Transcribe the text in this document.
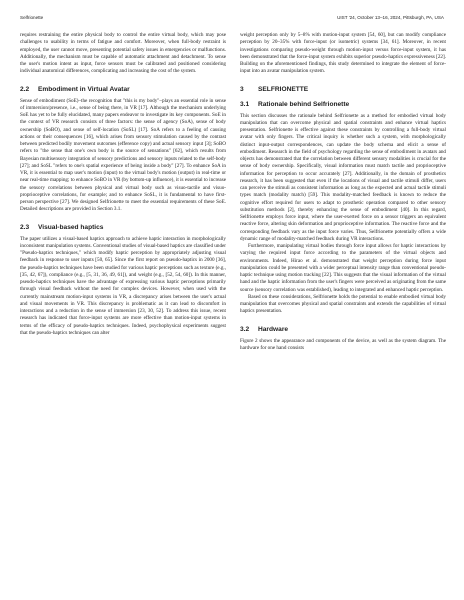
Selfrionette	UIST '24, October 13–16, 2024, Pittsburgh, PA, USA

requires restraining the entire physical body to control the entire virtual body, which may pose challenges to usability in terms of fatigue and comfort. Moreover, when full-body restraint is employed, the user cannot move, presenting potential safety issues in emergencies or malfunctions. Additionally, the mechanism must be capable of automatic attachment and detachment. To sense the user's motion intent as input, force sensors must be calibrated and positioned considering individual anatomical differences, complicating and increasing the cost of the system.

2.2 Embodiment in Virtual Avatar

Sense of embodiment (SoE)–the recognition that "this is my body"–plays an essential role in sense of immersion/presence, i.e., sense of being there, in VR [17]. Although the mechanism underlying SoE has yet to be fully elucidated, many papers endeavor to investigate its key components. SoE in the context of VR research consists of three factors: the sense of agency (SoA), sense of body ownership (SoBO), and sense of self-location (SoSL) [17]. SoA refers to a feeling of causing actions or their consequences [16], which arises from sensory stimulation caused by the contrast between predicted bodily movement outcomes (efference copy) and actual sensory input [3]; SoBO refers to "the sense that one's own body is the source of sensations" [62], which results from Bayesian multisensory integration of sensory predictions and sensory inputs related to the self-body [27]; and SoSL "refers to one's spatial experience of being inside a body" [27]. To enhance SoA in VR, it is essential to map user's motion (input) to the virtual body's motion (output) in real-time or near real-time mapping; to enhance SoBO in VR (by bottom-up influence), it is essential to increase the sensory correlations between physical and virtual body such as visuo-tactile and visuo-proprioceptive correlations, for example; and to enhance SoSL, it is fundamental to have first-person perspective [27]. We designed Selfrionette to meet the essential requirements of these SoE. Detailed descriptions are provided in Section 3.1.

2.3 Visual-based haptics

The paper utilizes a visual-based haptics approach to achieve haptic interaction in morphologically inconsistent manipulation systems. Conventional studies of visual-based haptics are classified under "Pseudo-haptics techniques," which modify haptic perception by appropriately adjusting visual feedback in response to user inputs [50, 65]. Since the first report on pseudo-haptics in 2000 [36], the pseudo-haptics techniques have been studied for various haptic perceptions such as texture (e.g., [35, 42, 67]), compliance (e.g., [5, 31, 36, 49, 61]), and weight (e.g., [52, 54, 60]). In this manner, pseudo-haptics techniques have the advantage of expressing various haptic perceptions primarily through visual feedback without the need for complex devices. However, when used with the currently mainstream motion-input systems in VR, a discrepancy arises between the user's actual and visual movements in VR. This discrepancy is problematic as it can lead to discomfort in interactions and a reduction in the sense of immersion [23, 30, 52]. To address this issue, recent research has indicated that force-input systems are more effective than motion-input systems in terms of the efficacy of pseudo-haptics techniques. Indeed, psychophysical experiments suggest that the pseudo-haptics techniques can alter

weight perception only by 5–8% with motion-input system [54, 60], but can modify compliance perception by 20–35% with force-input (or isometric) systems [34, 61]. Moreover, in recent investigations comparing pseudo-weight through motion-input versus force-input system, it has been demonstrated that the force-input system exhibits superior pseudo-haptics expressiveness [22]. Building on the aforementioned findings, this study determined to integrate the element of force-input into an avatar manipulation system.

3 SELFRIONETTE
3.1 Rationale behind Selfrionette

This section discusses the rationale behind Selfrionette as a method for embodied virtual body manipulation that can overcome physical and spatial constraints and enhance virtual haptics presentation. Selfrionette is effective against these constraints by controlling a full-body virtual avatar with only fingers. The critical inquiry is whether such a system, with morphologically distinct input-output correspondences, can update the body schema and elicit a sense of embodiment. Research in the field of psychology regarding the sense of embodiment in avatars and objects has demonstrated that the correlation between different sensory modalities is crucial for the sense of body ownership. Specifically, visual information must match tactile and proprioceptive information for perception to occur accurately [27]. Additionally, in the domain of prosthetics research, it has been suggested that even if the locations of visual and tactile stimuli differ, users can perceive the stimuli as consistent information as long as the expected and actual tactile stimuli types match (modality match) [59]. This modality-matched feedback is known to reduce the cognitive effort required for users to adapt to prosthetic operation compared to other sensory substitution methods [2], thereby enhancing the sense of embodiment [40]. In this regard, Selfrionette employs force input, where the user-exerted force on a sensor triggers an equivalent reactive force, altering skin deformation and proprioceptive information. The reactive force and the corresponding feedback vary as the input force varies. Thus, Selfrionette potentially offers a wide dynamic range of modality-matched feedback during VR interactions.

Furthermore, manipulating virtual bodies through force input allows for haptic interactions by varying the required input force according to the parameters of the virtual objects and environments. Indeed, Hirao et al. demonstrated that weight perception during force input manipulation could be presented with a wider perceptual intensity range than conventional pseudo-haptic technique using motion tracking [22]. This suggests that the visual information of the virtual hand and the haptic information from the user's fingers were perceived as originating from the same source (sensory correlation was established), leading to integrated and enhanced haptic perception.

Based on these considerations, Selfrionette holds the potential to enable embodied virtual body manipulation that overcomes physical and spatial constraints and extends the capabilities of virtual haptics presentation.

3.2 Hardware

Figure 2 shows the appearance and components of the device, as well as the system diagram. The hardware for one hand consists
